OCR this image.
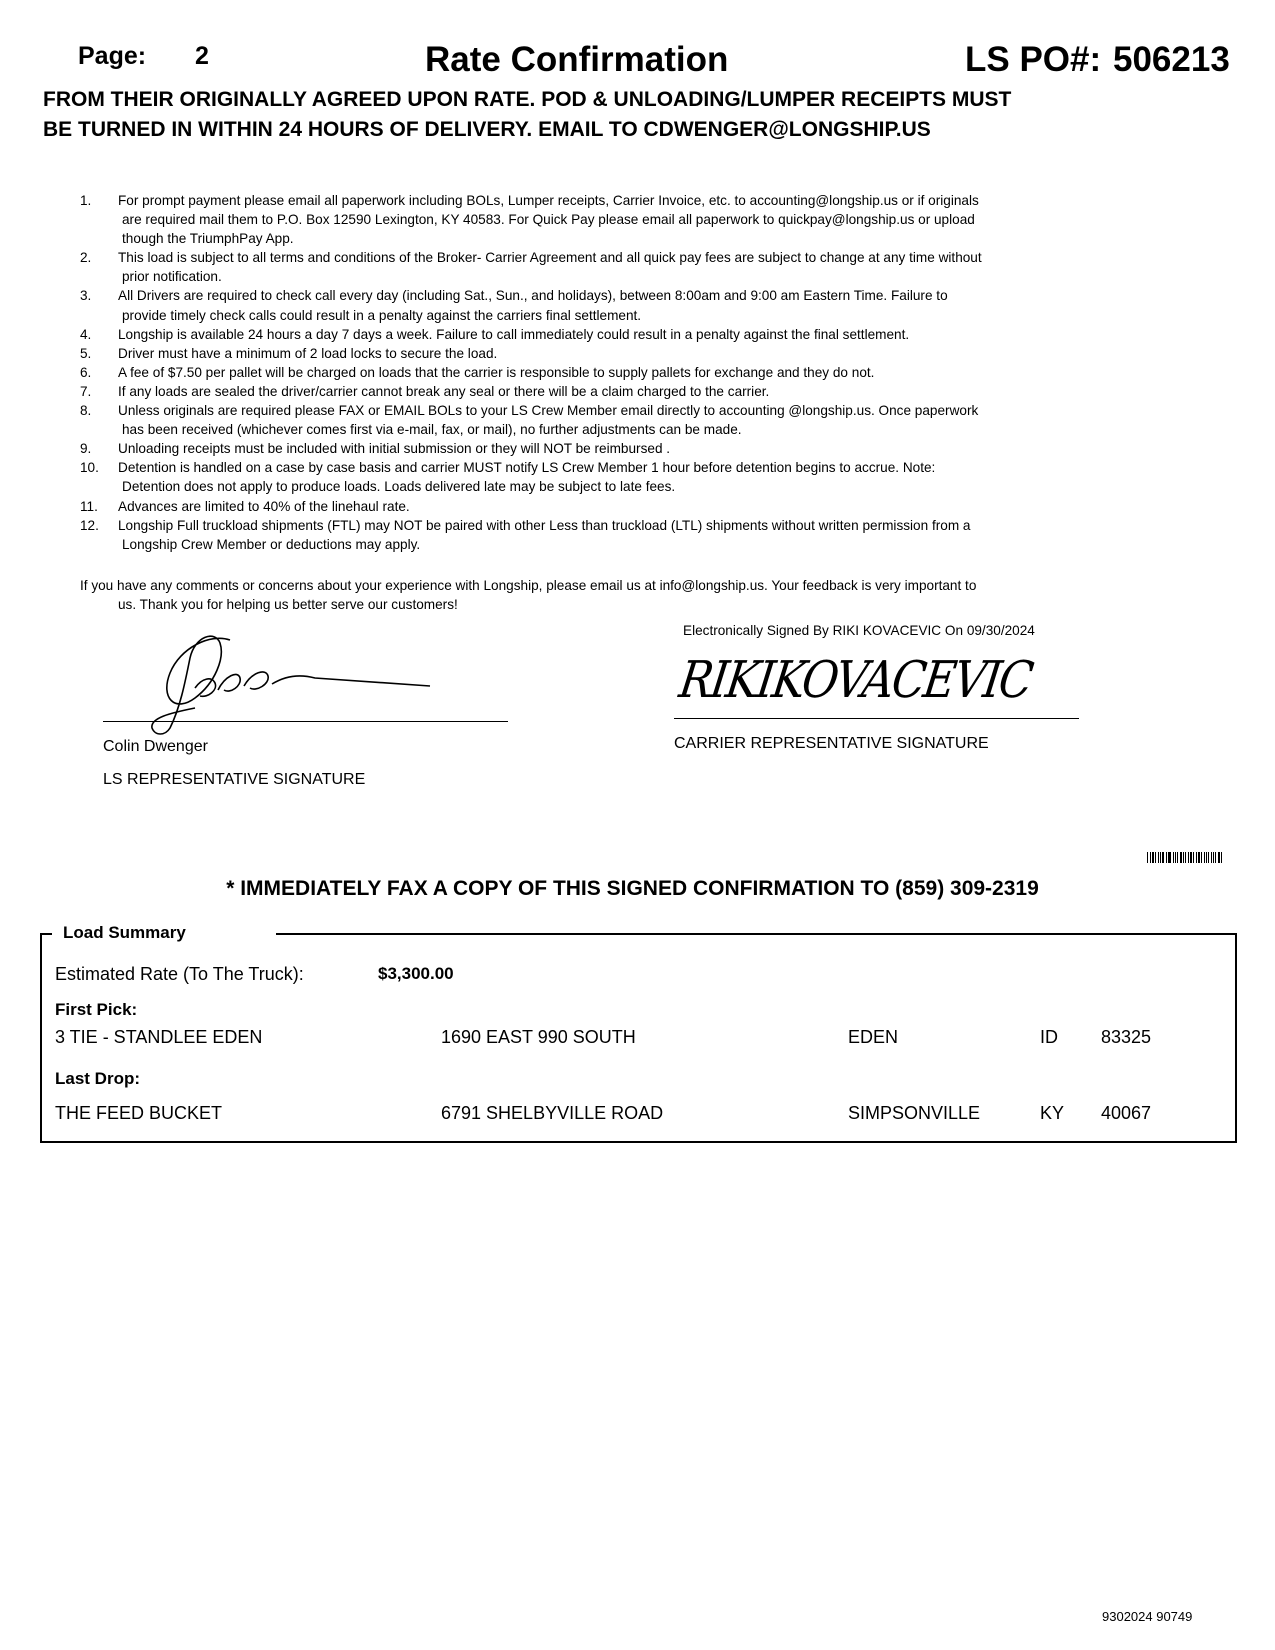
Page: 2	Rate Confirmation	LS PO#: 506213
FROM THEIR ORIGINALLY AGREED UPON RATE. POD & UNLOADING/LUMPER RECEIPTS MUST
BE TURNED IN WITHIN 24 HOURS OF DELIVERY. EMAIL TO CDWENGER@LONGSHIP.US
1. For prompt payment please email all paperwork including BOLs, Lumper receipts, Carrier Invoice, etc. to accounting@longship.us or if originals
are required mail them to P.O. Box 12590 Lexington, KY 40583. For Quick Pay please email all paperwork to quickpay@longship.us or upload
though the TriumphPay App.
2. This load is subject to all terms and conditions of the Broker- Carrier Agreement and all quick pay fees are subject to change at any time without
prior notification.
3. All Drivers are required to check call every day (including Sat., Sun., and holidays), between 8:00am and 9:00 am Eastern Time. Failure to
provide timely check calls could result in a penalty against the carriers final settlement.
4. Longship is available 24 hours a day 7 days a week. Failure to call immediately could result in a penalty against the final settlement.
5. Driver must have a minimum of 2 load locks to secure the load.
6. A fee of $7.50 per pallet will be charged on loads that the carrier is responsible to supply pallets for exchange and they do not.
7. If any loads are sealed the driver/carrier cannot break any seal or there will be a claim charged to the carrier.
8. Unless originals are required please FAX or EMAIL BOLs to your LS Crew Member email directly to accounting @longship.us. Once paperwork
has been received (whichever comes first via e-mail, fax, or mail), no further adjustments can be made.
9. Unloading receipts must be included with initial submission or they will NOT be reimbursed .
10. Detention is handled on a case by case basis and carrier MUST notify LS Crew Member 1 hour before detention begins to accrue. Note:
Detention does not apply to produce loads. Loads delivered late may be subject to late fees.
11. Advances are limited to 40% of the linehaul rate.
12. Longship Full truckload shipments (FTL) may NOT be paired with other Less than truckload (LTL) shipments without written permission from a
Longship Crew Member or deductions may apply.
If you have any comments or concerns about your experience with Longship, please email us at info@longship.us. Your feedback is very important to
us. Thank you for helping us better serve our customers!
Electronically Signed By RIKI KOVACEVIC On 09/30/2024
RIKIKOVACEVIC
Colin Dwenger
LS REPRESENTATIVE SIGNATURE
CARRIER REPRESENTATIVE SIGNATURE
* IMMEDIATELY FAX A COPY OF THIS SIGNED CONFIRMATION TO (859) 309-2319
Load Summary
Estimated Rate (To The Truck):	$3,300.00
First Pick:
3 TIE - STANDLEE EDEN	1690 EAST 990 SOUTH	EDEN	ID 83325
Last Drop:
THE FEED BUCKET	6791 SHELBYVILLE ROAD	SIMPSONVILLE	KY 40067
9302024 90749
